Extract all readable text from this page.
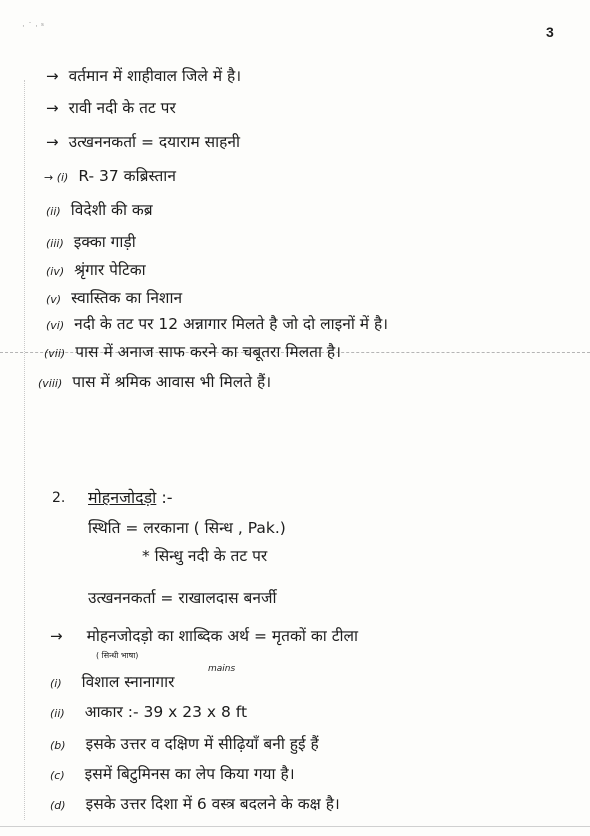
· ˙ · ˢ	3
→ वर्तमान में शाहीवाल जिले में है।
→ रावी नदी के तट पर
→ उत्खननकर्ता = दयाराम साहनी
→ (i) R- 37 कब्रिस्तान
(ii) विदेशी की कब्र
(iii) इक्का गाड़ी
(iv) श्रृंगार पेटिका
(v) स्वास्तिक का निशान
(vi) नदी के तट पर 12 अन्नागार मिलते है जो दो लाइनों में है।
(vii) पास में अनाज साफ करने का चबूतरा मिलता है।
(viii) पास में श्रमिक आवास भी मिलते हैं।
2. मोहनजोदड़ो :-
स्थिति = लरकाना ( सिन्ध , Pak.)
* सिन्धु नदी के तट पर
उत्खननकर्ता = राखालदास बनर्जी
→ मोहनजोदड़ो का शाब्दिक अर्थ = मृतकों का टीला
( सिन्धी भाषा)
(i) विशाल स्नानागार
mains
(ii) आकार :- 39 x 23 x 8 ft
(b) इसके उत्तर व दक्षिण में सीढ़ियाँ बनी हुई हैं
(c) इसमें बिटुमिनस का लेप किया गया है।
(d) इसके उत्तर दिशा में 6 वस्त्र बदलने के कक्ष है।
